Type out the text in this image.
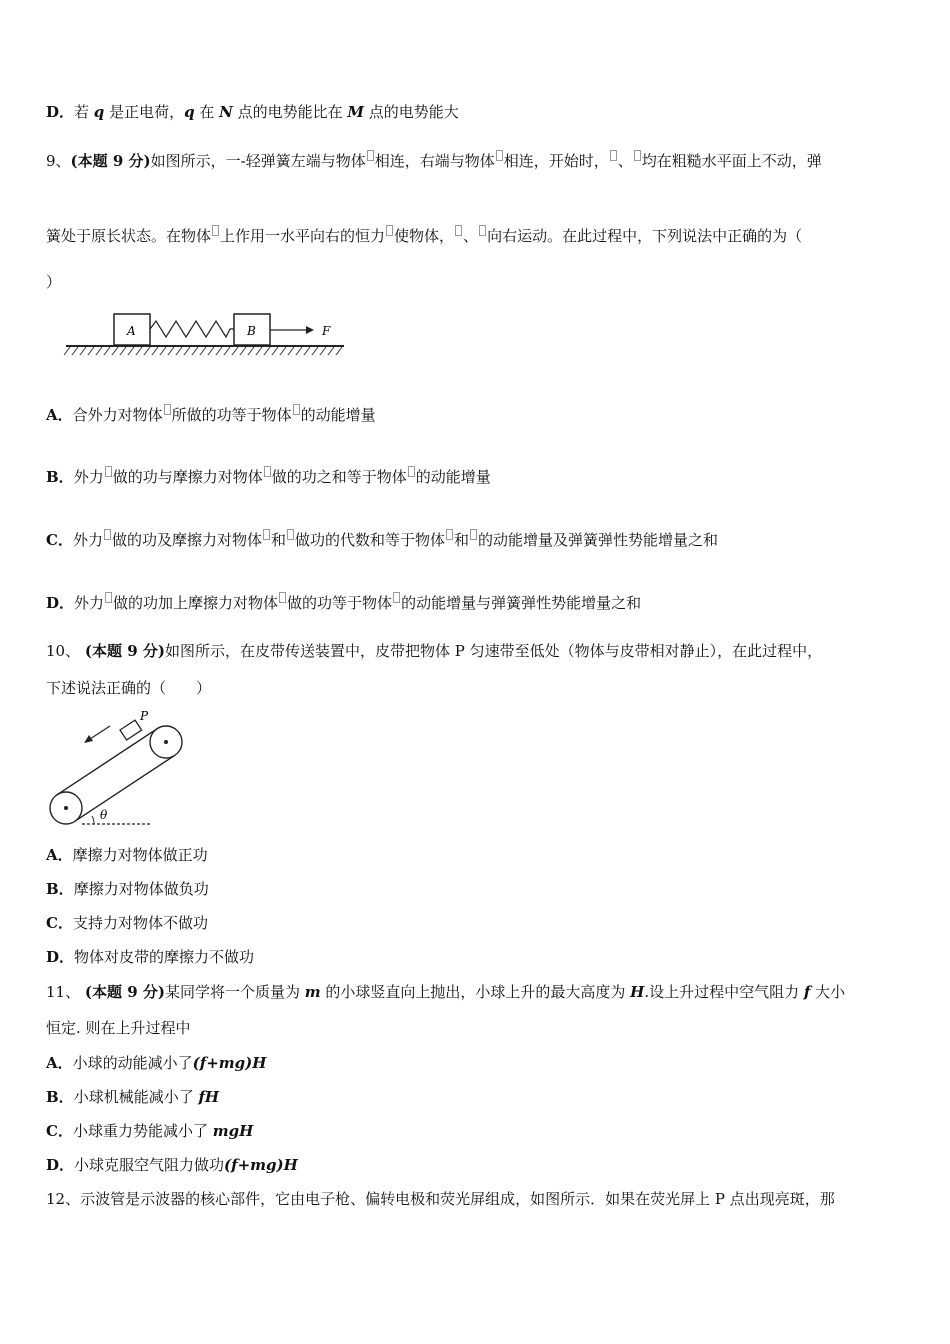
D．若 q 是正电荷，q 在 N 点的电势能比在 M 点的电势能大
9、(本题 9 分)如图所示，一-轻弹簧左端与物体 相连，右端与物体 相连，开始时， 、 均在粗糙水平面上不动，弹
簧处于原长状态。在物体 上作用一水平向右的恒力 使物体， 、 向右运动。在此过程中，下列说法中正确的为（
）
A	B	F
A．合外力对物体 所做的功等于物体 的动能增量
B．外力 做的功与摩擦力对物体 做的功之和等于物体 的动能增量
C．外力 做的功及摩擦力对物体 和 做功的代数和等于物体 和 的动能增量及弹簧弹性势能增量之和
D．外力 做的功加上摩擦力对物体 做的功等于物体 的动能增量与弹簧弹性势能增量之和
10、 (本题 9 分)如图所示，在皮带传送装置中，皮带把物体 P 匀速带至低处（物体与皮带相对静止），在此过程中，
下述说法正确的（　　）
P
θ
A．摩擦力对物体做正功
B．摩擦力对物体做负功
C．支持力对物体不做功
D．物体对皮带的摩擦力不做功
11、 (本题 9 分)某同学将一个质量为 m 的小球竖直向上抛出，小球上升的最大高度为 H.设上升过程中空气阻力 f 大小
恒定. 则在上升过程中
A．小球的动能减小了(f+mg)H
B．小球机械能减小了 fH
C．小球重力势能减小了 mgH
D．小球克服空气阻力做功(f+mg)H
12、示波管是示波器的核心部件，它由电子枪、偏转电极和荧光屏组成，如图所示．如果在荧光屏上 P 点出现亮斑，那
